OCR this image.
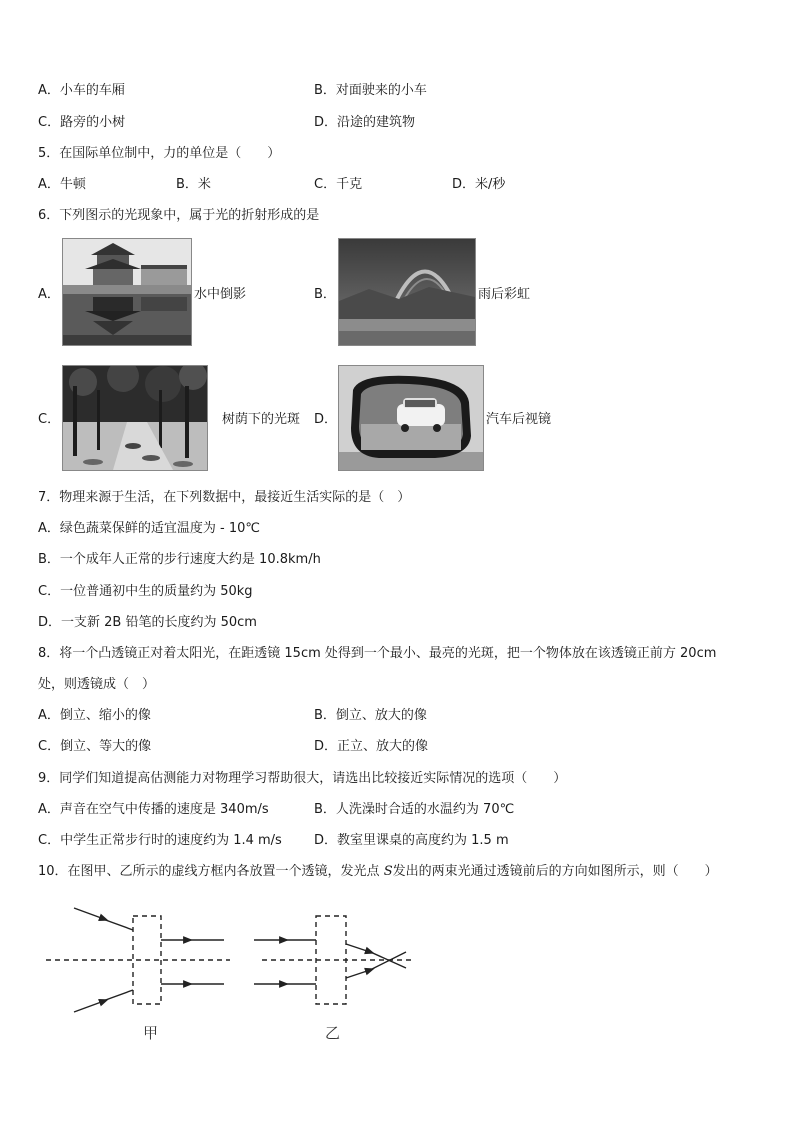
A．小车的车厢	B．对面驶来的小车
C．路旁的小树	D．沿途的建筑物
5．在国际单位制中，力的单位是（　　）
A．牛顿	B．米	C．千克	D．米/秒
6．下列图示的光现象中，属于光的折射形成的是
A．	水中倒影	B．	雨后彩虹
C．	树荫下的光斑 D．	汽车后视镜
7．物理来源于生活，在下列数据中，最接近生活实际的是（　）
A．绿色蔬菜保鲜的适宜温度为 - 10℃
B．一个成年人正常的步行速度大约是 10.8km/h
C．一位普通初中生的质量约为 50kg
D．一支新 2B 铅笔的长度约为 50cm
8．将一个凸透镜正对着太阳光，在距透镜 15cm 处得到一个最小、最亮的光斑，把一个物体放在该透镜正前方 20cm
处，则透镜成（　）
A．倒立、缩小的像	B．倒立、放大的像
C．倒立、等大的像	D．正立、放大的像
9．同学们知道提高估测能力对物理学习帮助很大，请选出比较接近实际情况的选项（　　）
A．声音在空气中传播的速度是 340m/s	B．人洗澡时合适的水温约为 70℃
C．中学生正常步行时的速度约为 1.4 m/s D．教室里课桌的高度约为 1.5 m
10．在图甲、乙所示的虚线方框内各放置一个透镜，发光点 S发出的两束光通过透镜前后的方向如图所示，则（　　）
甲	乙
